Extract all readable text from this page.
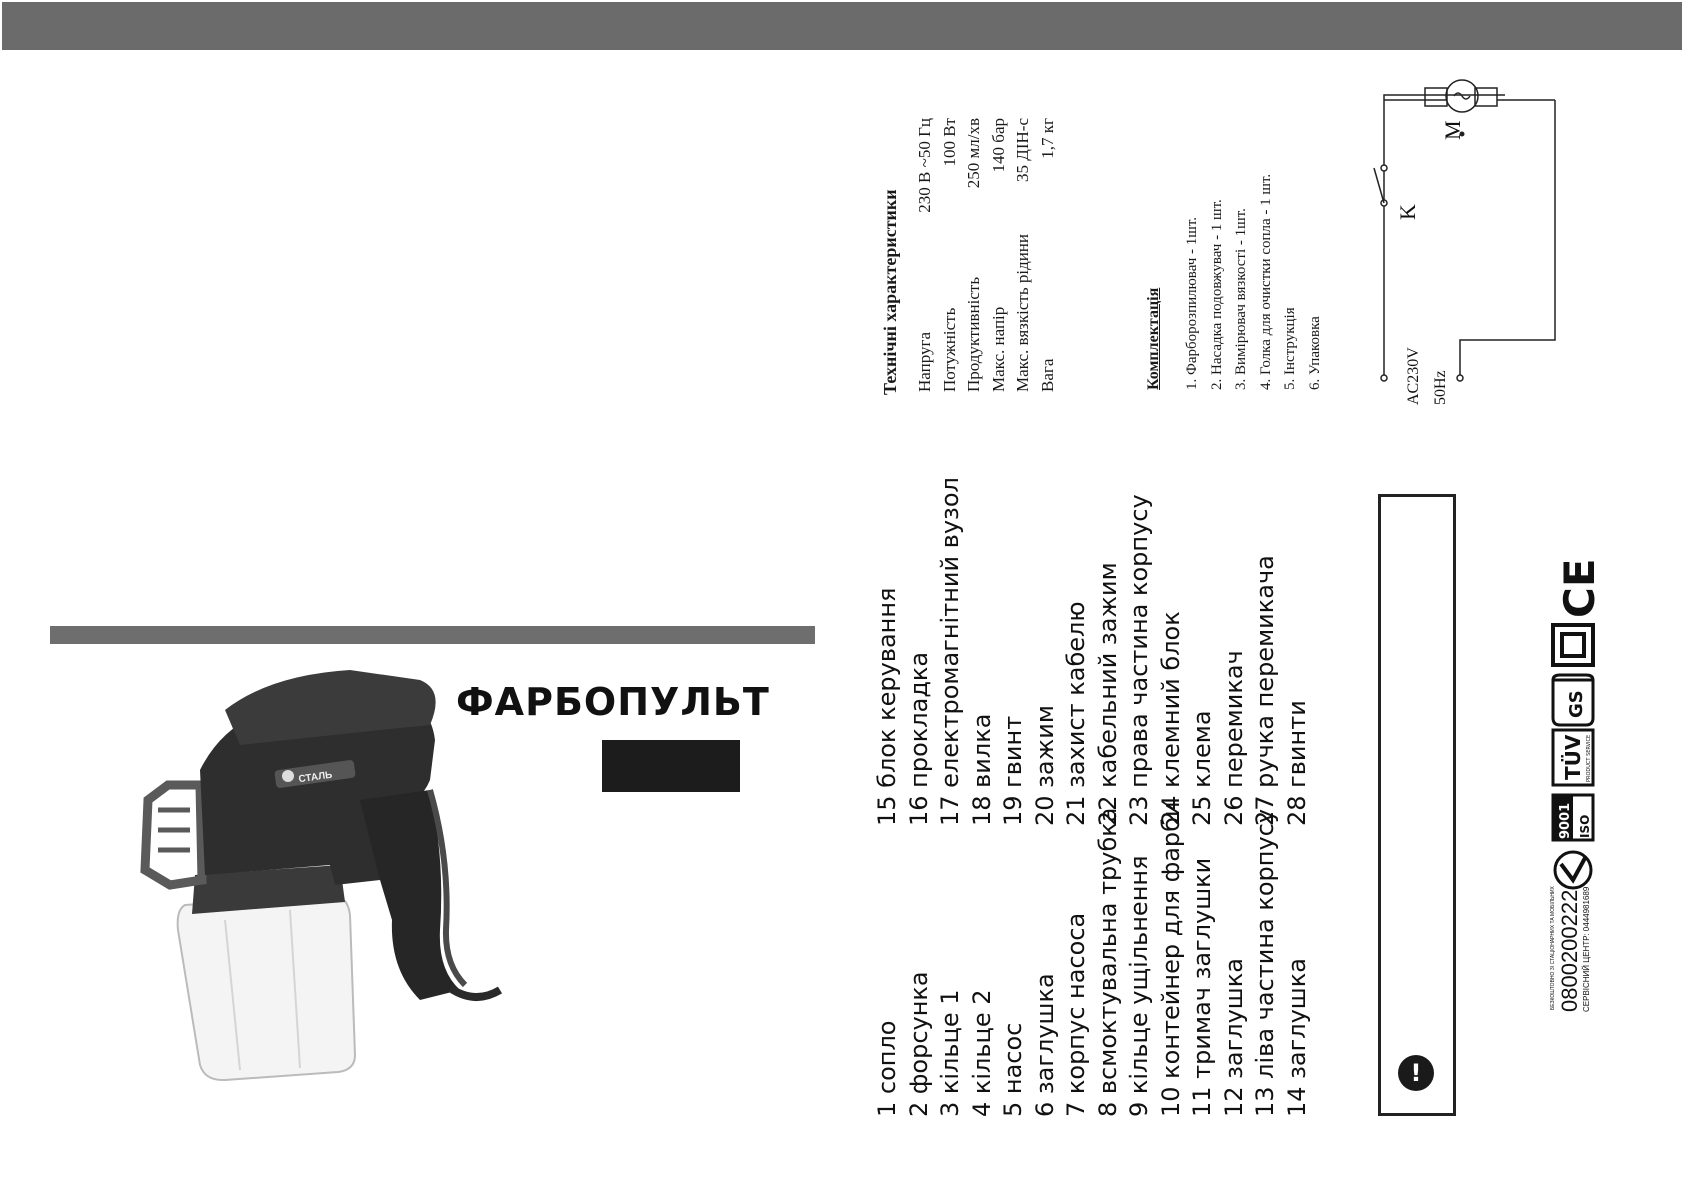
СТАЛЬ
ФАРБОПУЛЬТ
1 сопло 2 форсунка 3 кільце 1 4 кільце 2 5 насос 6 заглушка 7 корпус насоса 8 всмоктувальна трубка 9 кільце ущільнення 10 контейнер для фарби 11 тримач заглушки 12 заглушка 13 ліва частина корпусу 14 заглушка
15 блок керування 16 прокладка 17 електромагнітний вузол 18 вилка 19 гвинт 20 зажим 21 захист кабелю 22 кабельний зажим 23 права частина корпусу 24 клемний блок 25 клема 26 перемикач 27 ручка перемикача 28 гвинти
Технічні характеристики Напруга
230 В ~50 Гц
Потужність
100 Вт
Продуктивність
250 мл/хв
Макс. напір
140 бар
Макс. вязкість рідини
35 ДІН-с
Вага
1,7 кг
Комплектація 1. Фарборозпилювач - 1шт. 2. Насадка подовжувач - 1 шт. 3. Вимірювач вязкості - 1шт. 4. Голка для очистки сопла - 1 шт. 5. Інструкція 6. Упаковка
!
K
M
AC230V 50Hz
БЕЗКОШТОВНО ЗІ СТАЦІОНАРНИХ ТА МОБІЛЬНИХ 0800200222 СЕРВІСНИЙ ЦЕНТР: 0444981689
ISO
9001
TÜV PRODUCT SERVICE
GS
CE
